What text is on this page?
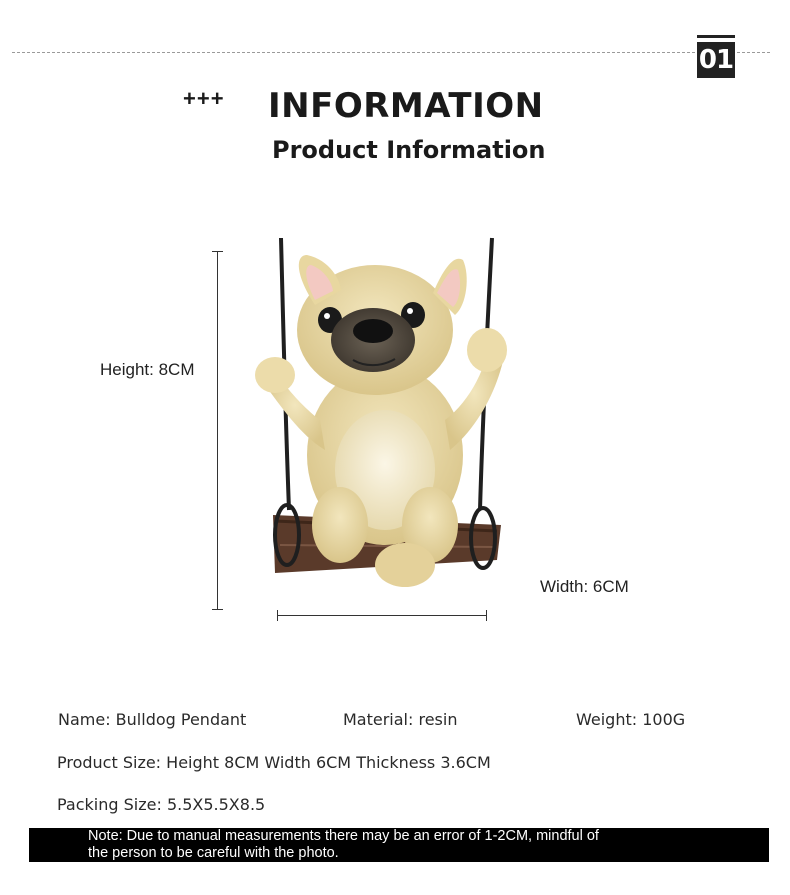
01
+++ INFORMATION
Product Information
Height: 8CM
Width: 6CM
Name: Bulldog Pendant	Material: resin	Weight: 100G
Product Size: Height 8CM Width 6CM Thickness 3.6CM
Packing Size: 5.5X5.5X8.5
Note: Due to manual measurements there may be an error of 1-2CM, mindful of
the person to be careful with the photo.
